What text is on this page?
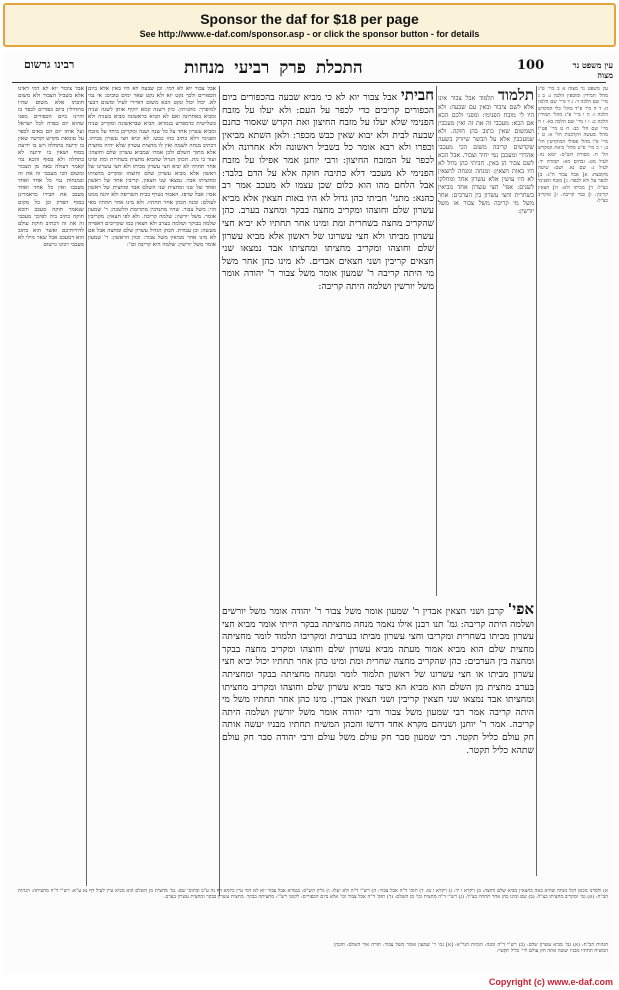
Sponsor the daf for $18 per page
See http://www.e-daf.com/sponsor.asp - or click the sponsor button - for details
רבינו גרשום	התכלת פרק רביעי מנחות	100	עין משפט נר מצוה

אבל ציבור יוא לא דמי דאינו אלא בשביל הצבור ולא משום חובתו אלא משום שהיו מתחילין ביום כפורים לכפר בו והיינו ביום הכפורים מפני שהוא יום כפרה לכל ישראל ועל אותו יום הם באים לכפר על טומאת מקדש וקדשיו שאין בו ידיעה בתחלה ויש בו ידיעה בסוף ושאין בו ידיעה לא בתחלה ולא בסוף והכא נמי קאמר דעולה באה מן הצבור ומשום הכי מעכבי זה את זה ובמנחות נמי כל אחד ואחד מעכבו ואין כל אחד ואחד מעכב את חבירו כדאמרינן בסוף הפרק וכן כל מקום שנאמר חוקה מעכב והכא חוקה כתיב ביה לפיכך מעכבי זה את זה דכתיב חוקת עולם לדורותיכם ואשר הוא כתוב הוא דמעכב אבל שאר מילי לא מעכבי רבינו גרשום

אבל צבור יוא לא דמי. וכן שבעה לא היו באין אלא ביום הכפורים ולכך נקט יוא ולא נקט שאר ימים טובים: אי נמי לא. יכול יכול ונקט הכא משום דאיירי לעיל ומשום דבעי למיפרך: מתניתין. כיון דשנה קמא יזקיף אותן לשנה שניה ומביא באחרונה ואם לא הביא בראשונה מביא בשניה ולא בשלישית כדמפרש בגמרא: הביא שבראשונה ומקריב שניה ומביא עשרון אחד על כל שנה ושנה ומקריבן ביחד על מזבח הפנימי דלא כתיב בהו כבש: לא יביא חצי עשרון מביתו. דכתיב מנחה לשמה ואין לו מחצית עשרון שלא יהיה מחצית אלא מתוך השלם ולכן אמרו שמביא עשרון שלם וחוצהו: ועוד כי מת. הכהן הגדול שהביא מחצית בשחרית ומת ומינו אחר תחתיו לא יביא חצי עשרון מביתו ולא חצי עשרונו של ראשון אלא מביא עשרון שלם וחוצהו ומקריב מחציתו ומחציתו אבד: נמצאו שני חצאין. קריבין אחד של ראשון ואחד של שני ומחצית שני השלם אבד ומחצית של ראשון אבד: אבל שרפו. האבוד נשרף בבית השריפה ולא יהנה ממנו לעולם: ומנה הכהן אחר תחתיו. ולא מינו אחר תחתיו מאי הוי: משל צבור. שהיו מתנדבין מתרומת הלשכה: ר' שמעון אומר. משל יורשין: שלמה קריבה. ולא לפי חצאין: מקריבין שלמה בבוקר ושלמה בערב ולא חצאין כמו שקריבים דאפייה מעשה: וכן עבודת. הכהן הגדול עשרון שלם ומחצה אבל אם לא מינו אחר מביאין משל צבור: וכוון הראשון: ר' שמעון אומר משל יורשין: שלמה היא קריבה וכו':

חביתי אבל צבור יוא לא כי מביא שבעה בהכפורים ביום הכפורים קריבים כדי לכפר על העם: ולא יעלו על מזבח הפנימי שלא יעלו על מזבח החיצון ואת הקדש שאסור כחנם שבעה לבית ולא יבוא שאין כבש מכפר: ולאן השתא מביאין וכפרו ולא רבא אומר כל בשביל ראשונה ולא אחרונה ולא לכפר על המזבח החיצון: ורבי יוחנן אמר אפילו על מזבח הפנימי לא מעכבי דלא כתיבה חוקה אלא על הדם בלבד: אבל הלחם מהו הוא כלום שכן עצמו לא מעכב אמר רב כהנא: מתני' חביתי כהן גדול לא היו באות חצאין אלא מביא עשרון שלם וחוצהו ומקריב מחצה בבקר ומחצה בערב. כהן שהקריב מחצה בשחרית ומת ומינו אחר תחתיו לא יביא חצי עשרון מביתו ולא חצי עשרונו של ראשון אלא מביא עשרון שלם וחוצהו ומקריב מחציתו ומחציתו אבד נמצאו שני חצאים קריבין ושני חצאים אבדים. לא מינו כהן אחר משל מי היתה קריבה ר' שמעון אומר משל צבור ר' יהודה אומר משל יורשין ושלמה היתה קריבה:

תלמוד תלמוד אבל צבור אינו אלא לשם ציבור ובאין עם שבעה: ולא היו לי מזבח הפנימי: ומפני ולכם הכא אם הכא: מעכבי זה את זה ואין מעכבין ושמשום שאין כתוב בהן חוקה. ולא שמעכבין אלא על הבשר שיזרק בשעה שקדשים קריבה משום הכי מעכבי אהדדי ומעכבן נמי יחיד וצבור. אבל הכא לשם צבור הן באין. חביתי כהן גדול לא היו באות חצאין: ומנחה ומנחה לחצאין לא היו עושין אלא עשרון אחד ומחלקו לשנים: אפי' חצי עשרון אחד מביאין בשחרית וחצי עשרון בין הערבים: אחר משל מי קריבה משל צבור או משל יורשין:

אפי' קרבן ושני חצאין אבדין ר' שמעון אומר משל צבור ר' יהודה אומר משל יורשים ושלמה היתה קריבה: גמ' תנו רבנן אילו נאמר מנחה מחציתה בבקר הייתי אומר מביא חצי עשרון מביתו בשחרית ומקריבו וחצי עשרון מביתו בערבית ומקריבו תלמוד לומר מחציתה מחצית שלם הוא מביא אמור מעתה מביא עשרון שלם וחוצהו ומקריב מחצה בבקר ומחצה בין הערבים: כהן שהקריב מחצה שחרית ומת ומינו כהן אחר תחתיו יכול יביא חצי עשרון מביתו או חצי עשרונו של ראשון תלמוד לומר ומנחה מחציתה בבקר ומחציתה בערב מחצית מן השלם הוא מביא הא כיצד מביא עשרון שלם וחוצהו ומקריב מחציתו ומחציתו אבד נמצאו שני חצאין קריבין ושני חצאין אבדין. מינו כהן אחר תחתיו משל מי היתה קריבה אמר רבי שמעון משל צבור ורבי יהודה אומר משל יורשין ושלמה היתה קריבה. אמר ר' יוחנן ושניהם מקרא אחד דרשו והכהן המשיח תחתיו מבניו יעשה אותה חק עולם כליל תקטר. רבי שמעון סבר חק עולם משל עולם ורבי יהודה סבר חק עולם שתהא כליל תקטר.

עין משפט נר מצוה א ב מיי' פ"ג מהל' תמידין ומוספין הלכה ג: ב ג מיי' שם הלכה ד: ג ד מיי' שם הלכה ה: ד ה מיי' פ"ד מהל' כלי המקדש הלכה ו: ה ו מיי' פ"ג מהל' תמידין הלכה כ: ו ז מיי' שם הלכה כא: ז ח מיי' שם הל' כב: ח ט מיי' פט"ו מהל' מעשה הקרבנות הל' א: ט י מיי' פ"ו מהל' פסולי המוקדשין הל' ב: י כ מיי' פ"ט מהל' ביאת המקדש הל' ח: מסורת הש"ס: יומא נה: לעיל מט: זבחים מא: תמורה יד: לעיל נ: שם נא. ושם: שיטה מקובצת: א] אבל צבור ה"ג: ב] לכפר על ולא לכפר: ג] מזבח הפנימי כצ"ל: ד] מביתו ולא: ה] חצאין קריבין: ו] כבר קריבה: ז] ומקריב כצ"ל:

א) ולמדנו מכאן דכל מנחה שהיא באה בחצאין מביא שלם וחוצה: ב) ויקרא ו יד: ג) ויקרא ו טו: ד) תוס' ד"ה אבל צבור: ה) רש"י ד"ה ולא יעלו: ו) גליון הש"ס: בגמרא אבל צבור יוא לא דמי עיין ביומא דף נה ע"ב ובתוס' שם: גמ' מחצית מן השלם הוא מביא עיין לעיל דף נא ע"א: רש"י ד"ה מחציתה: הגהות הב"ח: (א) גמ' ומקריב מחציתו כצ"ל: (ב) שם ומינו כהן אחר תחתיו כצ"ל: (ג) רש"י ד"ה מחצית וכו' מן השלם: (ד) תוס' ד"ה אבל צבור וכו' אלא ביום הכפורים: לקוטי רש"י: מחציתה בבקר. מחצית עשרון בבקר ומחצית עשרון בערב:

הגהות הב"ח: (א) גמ' מביא עשרון שלם: (ב) רש"י ד"ה ומנה: הגהות הגר"א: [א] גמ' ר' שמעון אומר משל צבור: תורה אור השלם: והכהן המשיח תחתיו מבניו יעשה אתה חק עולם ליי' כליל תקטר:

Copyright (c) www.e-daf.com
